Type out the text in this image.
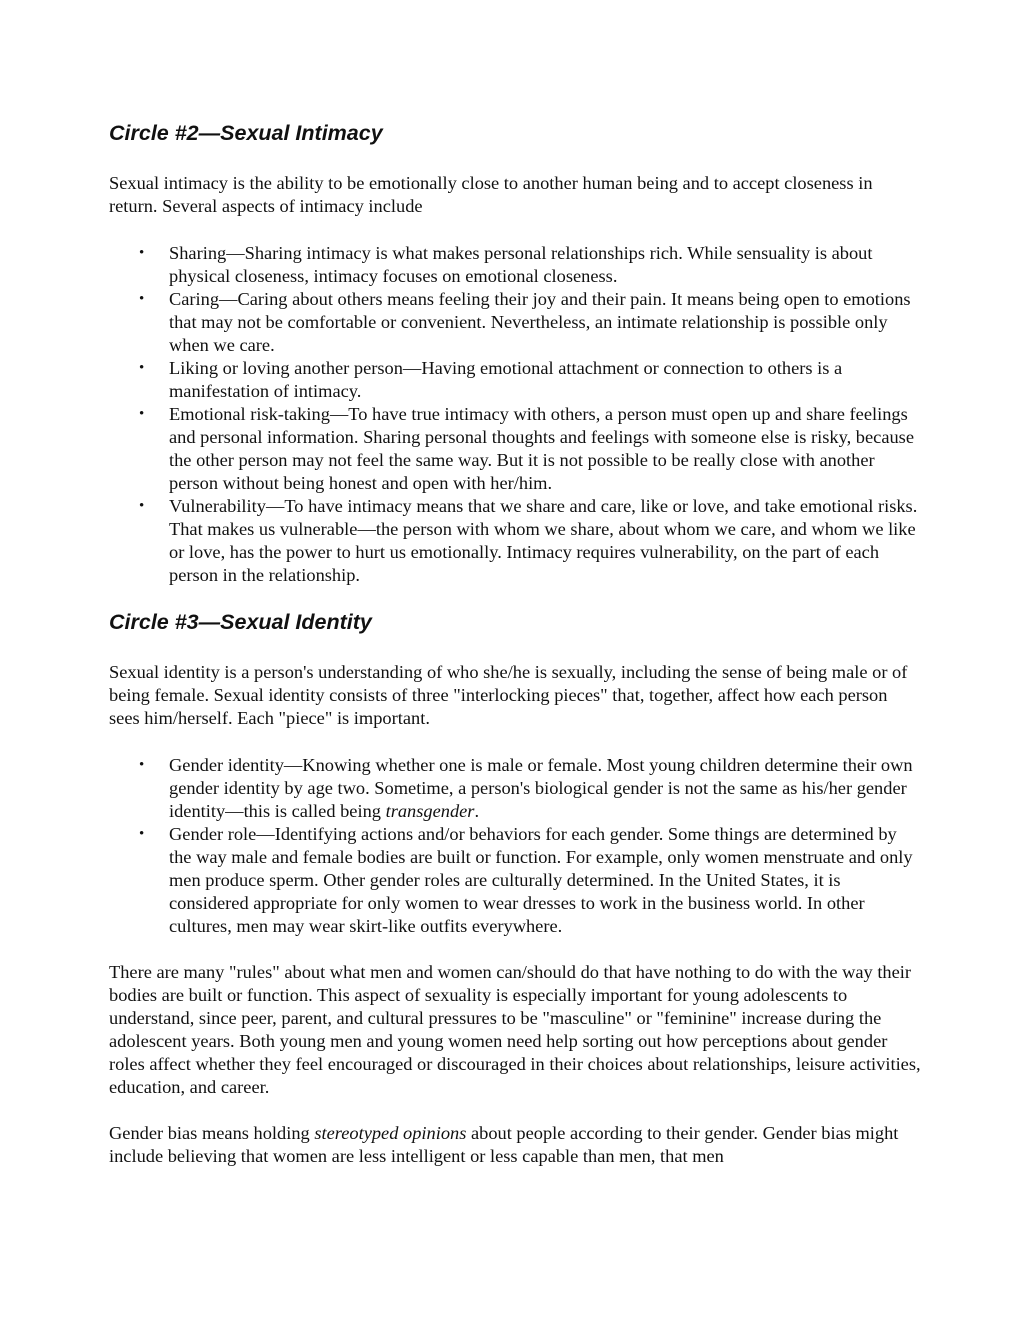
Circle #2—Sexual Intimacy

Sexual intimacy is the ability to be emotionally close to another human being and to accept closeness in return. Several aspects of intimacy include

• Sharing—Sharing intimacy is what makes personal relationships rich. While sensuality is about physical closeness, intimacy focuses on emotional closeness.
• Caring—Caring about others means feeling their joy and their pain. It means being open to emotions that may not be comfortable or convenient. Nevertheless, an intimate relationship is possible only when we care.
• Liking or loving another person—Having emotional attachment or connection to others is a manifestation of intimacy.
• Emotional risk-taking—To have true intimacy with others, a person must open up and share feelings and personal information. Sharing personal thoughts and feelings with someone else is risky, because the other person may not feel the same way. But it is not possible to be really close with another person without being honest and open with her/him.
• Vulnerability—To have intimacy means that we share and care, like or love, and take emotional risks. That makes us vulnerable—the person with whom we share, about whom we care, and whom we like or love, has the power to hurt us emotionally. Intimacy requires vulnerability, on the part of each person in the relationship.
Circle #3—Sexual Identity

Sexual identity is a person's understanding of who she/he is sexually, including the sense of being male or of being female. Sexual identity consists of three "interlocking pieces" that, together, affect how each person sees him/herself. Each "piece" is important.

• Gender identity—Knowing whether one is male or female. Most young children determine their own gender identity by age two. Sometime, a person's biological gender is not the same as his/her gender identity—this is called being transgender.
• Gender role—Identifying actions and/or behaviors for each gender. Some things are determined by the way male and female bodies are built or function. For example, only women menstruate and only men produce sperm. Other gender roles are culturally determined. In the United States, it is considered appropriate for only women to wear dresses to work in the business world. In other cultures, men may wear skirt-like outfits everywhere.

There are many "rules" about what men and women can/should do that have nothing to do with the way their bodies are built or function. This aspect of sexuality is especially important for young adolescents to understand, since peer, parent, and cultural pressures to be "masculine" or "feminine" increase during the adolescent years. Both young men and young women need help sorting out how perceptions about gender roles affect whether they feel encouraged or discouraged in their choices about relationships, leisure activities, education, and career.

Gender bias means holding stereotyped opinions about people according to their gender. Gender bias might include believing that women are less intelligent or less capable than men, that men
